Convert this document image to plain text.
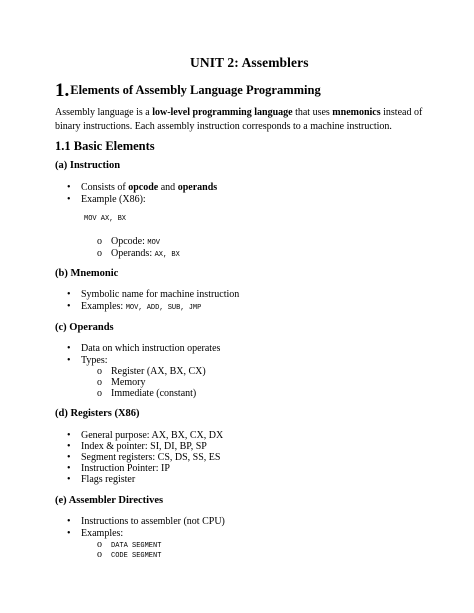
UNIT 2: Assemblers
1.Elements of Assembly Language Programming
Assembly language is a low-level programming language that uses mnemonics instead of binary instructions. Each assembly instruction corresponds to a machine instruction.
1.1 Basic Elements
(a) Instruction
• Consists of opcode and operands
• Example (X86):
MOV AX, BX
o Opcode: MOV
o Operands: AX, BX
(b) Mnemonic
• Symbolic name for machine instruction
• Examples: MOV, ADD, SUB, JMP
(c) Operands
• Data on which instruction operates
• Types:
o Register (AX, BX, CX)
o Memory
o Immediate (constant)
(d) Registers (X86)
• General purpose: AX, BX, CX, DX
• Index & pointer: SI, DI, BP, SP
• Segment registers: CS, DS, SS, ES
• Instruction Pointer: IP
• Flags register
(e) Assembler Directives
• Instructions to assembler (not CPU)
• Examples:
o DATA SEGMENT
o CODE SEGMENT
